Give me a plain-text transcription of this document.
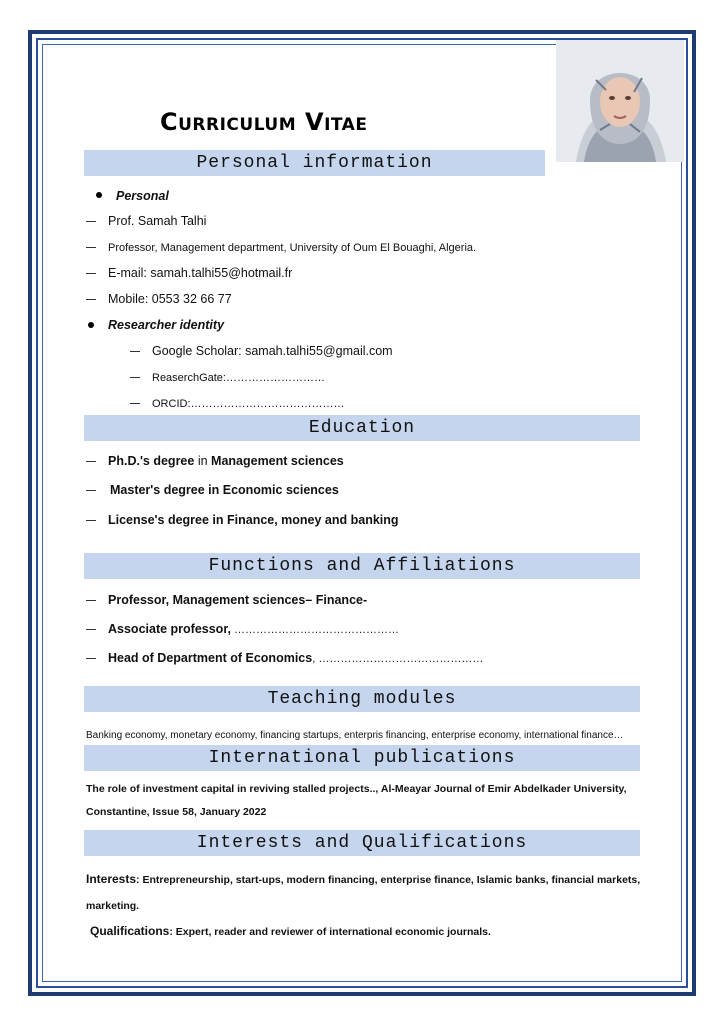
Curriculum Vitae
Personal information
Personal
Prof. Samah Talhi
Professor, Management department, University of Oum El Bouaghi, Algeria.
E-mail: samah.talhi55@hotmail.fr
Mobile: 0553 32 66 77
Researcher identity
Google Scholar: samah.talhi55@gmail.com
ReaserchGate:………………………
ORCID:……………………………………
Education
Ph.D.'s degree in Management sciences
Master's degree in Economic sciences
License's degree in Finance, money and banking
Functions and Affiliations
Professor, Management sciences– Finance-
Associate professor, ………………………………………
Head of Department of Economics, ………………………………………
Teaching modules
Banking economy, monetary economy, financing startups, enterpris financing, enterprise economy, international finance…
International publications
The role of investment capital in reviving stalled projects.., Al-Meayar Journal of Emir Abdelkader University,
Constantine, Issue 58, January 2022
Interests and Qualifications
Interests: Entrepreneurship, start-ups, modern financing, enterprise finance, Islamic banks, financial markets,
marketing.
Qualifications: Expert, reader and reviewer of international economic journals.
